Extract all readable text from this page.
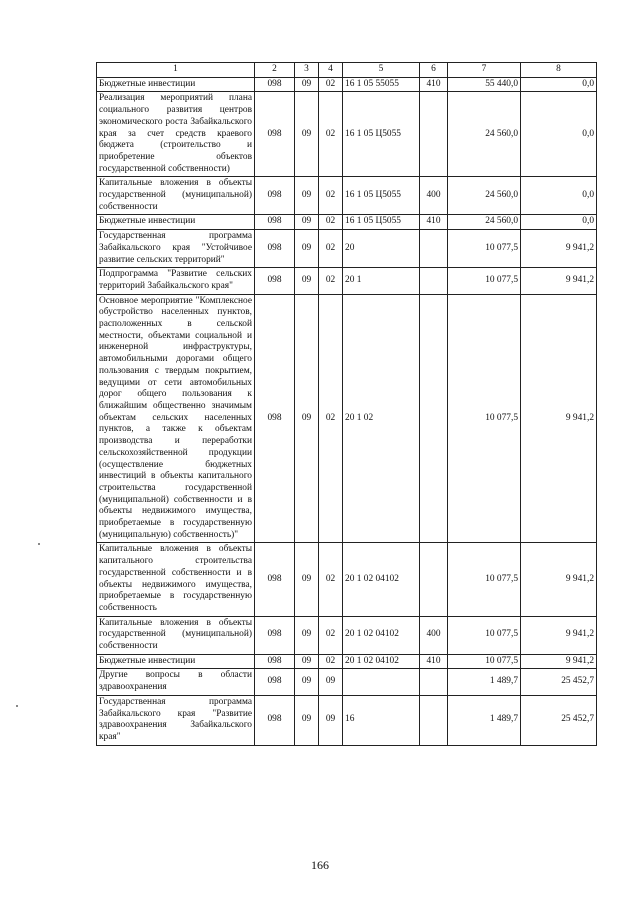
1	2	3	4	5	6	7	8
Бюджетные инвестиции	098	09	02	16 1 05 55055	410	55 440,0	0,0
Реализация мероприятий плана социального развития центров экономического роста Забайкальского края за счет средств краевого бюджета (строительство и приобретение объектов государственной собственности)	098	09	02	16 1 05 Ц5055		24 560,0	0,0
Капитальные вложения в объекты государственной (муниципальной) собственности	098	09	02	16 1 05 Ц5055	400	24 560,0	0,0
Бюджетные инвестиции	098	09	02	16 1 05 Ц5055	410	24 560,0	0,0
Государственная программа Забайкальского края "Устойчивое развитие сельских территорий"	098	09	02	20		10 077,5	9 941,2
Подпрограмма "Развитие сельских территорий Забайкальского края"	098	09	02	20 1		10 077,5	9 941,2
Основное мероприятие "Комплексное обустройство населенных пунктов, расположенных в сельской местности, объектами социальной и инженерной инфраструктуры, автомобильными дорогами общего пользования с твердым покрытием, ведущими от сети автомобильных дорог общего пользования к ближайшим общественно значимым объектам сельских населенных пунктов, а также к объектам производства и переработки сельскохозяйственной продукции (осуществление бюджетных инвестиций в объекты капитального строительства государственной (муниципальной) собственности и в объекты недвижимого имущества, приобретаемые в государственную (муниципальную) собственность)"	098	09	02	20 1 02		10 077,5	9 941,2
Капитальные вложения в объекты капитального строительства государственной собственности и в объекты недвижимого имущества, приобретаемые в государственную собственность	098	09	02	20 1 02 04102		10 077,5	9 941,2
Капитальные вложения в объекты государственной (муниципальной) собственности	098	09	02	20 1 02 04102	400	10 077,5	9 941,2
Бюджетные инвестиции	098	09	02	20 1 02 04102	410	10 077,5	9 941,2
Другие вопросы в области здравоохранения	098	09	09			1 489,7	25 452,7
Государственная программа Забайкальского края "Развитие здравоохранения Забайкальского края"	098	09	09	16		1 489,7	25 452,7
166
